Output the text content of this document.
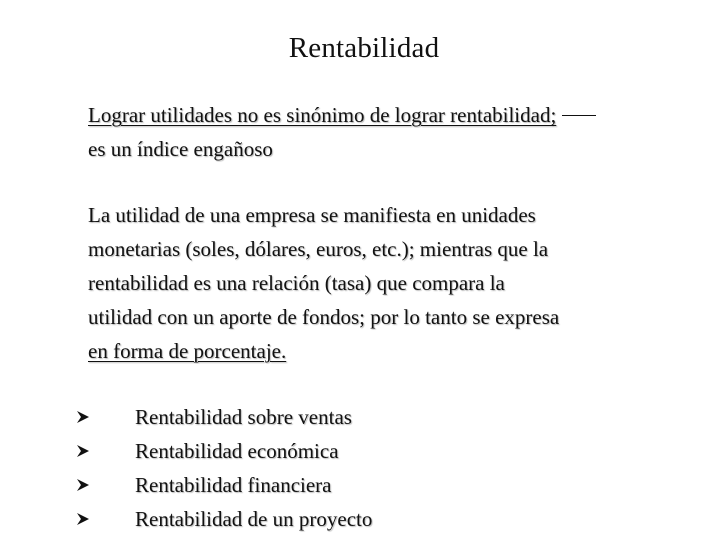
Rentabilidad
Lograr utilidades no es sinónimo de lograr rentabilidad;
es un índice engañoso
La utilidad de una empresa se manifiesta en unidades
monetarias (soles, dólares, euros, etc.); mientras que la
rentabilidad es una relación (tasa) que compara la
utilidad con un aporte de fondos; por lo tanto se expresa
en forma de porcentaje.
Rentabilidad sobre ventas
Rentabilidad económica
Rentabilidad financiera
Rentabilidad de un proyecto
